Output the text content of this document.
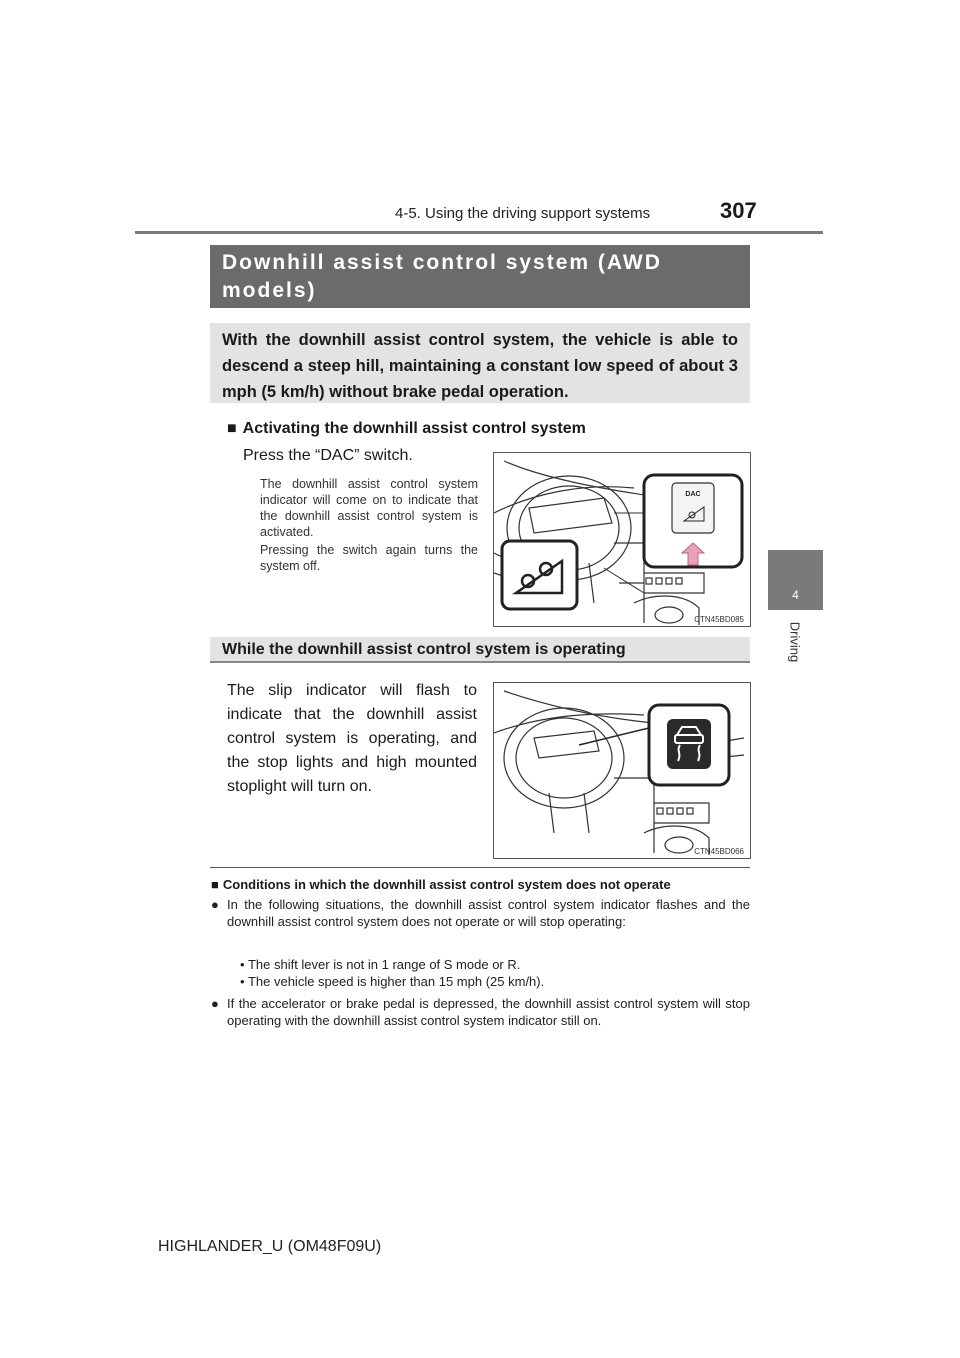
4-5. Using the driving support systems	307
4
Driving
Downhill assist control system (AWD models)
With the downhill assist control system, the vehicle is able to descend a steep hill, maintaining a constant low speed of about 3 mph (5 km/h) without brake pedal operation.
■ Activating the downhill assist control system
Press the “DAC” switch.
The downhill assist control system indicator will come on to indicate that the downhill assist control system is activated.
Pressing the switch again turns the system off.
DAC
CTN45BD085
While the downhill assist control system is operating
The slip indicator will flash to indicate that the downhill assist control system is operating, and the stop lights and high mounted stoplight will turn on.
CTN45BD066
■ Conditions in which the downhill assist control system does not operate
● In the following situations, the downhill assist control system indicator flashes and the downhill assist control system does not operate or will stop operating:
• The shift lever is not in 1 range of S mode or R.
• The vehicle speed is higher than 15 mph (25 km/h).
● If the accelerator or brake pedal is depressed, the downhill assist control system will stop operating with the downhill assist control system indicator still on.
HIGHLANDER_U (OM48F09U)
